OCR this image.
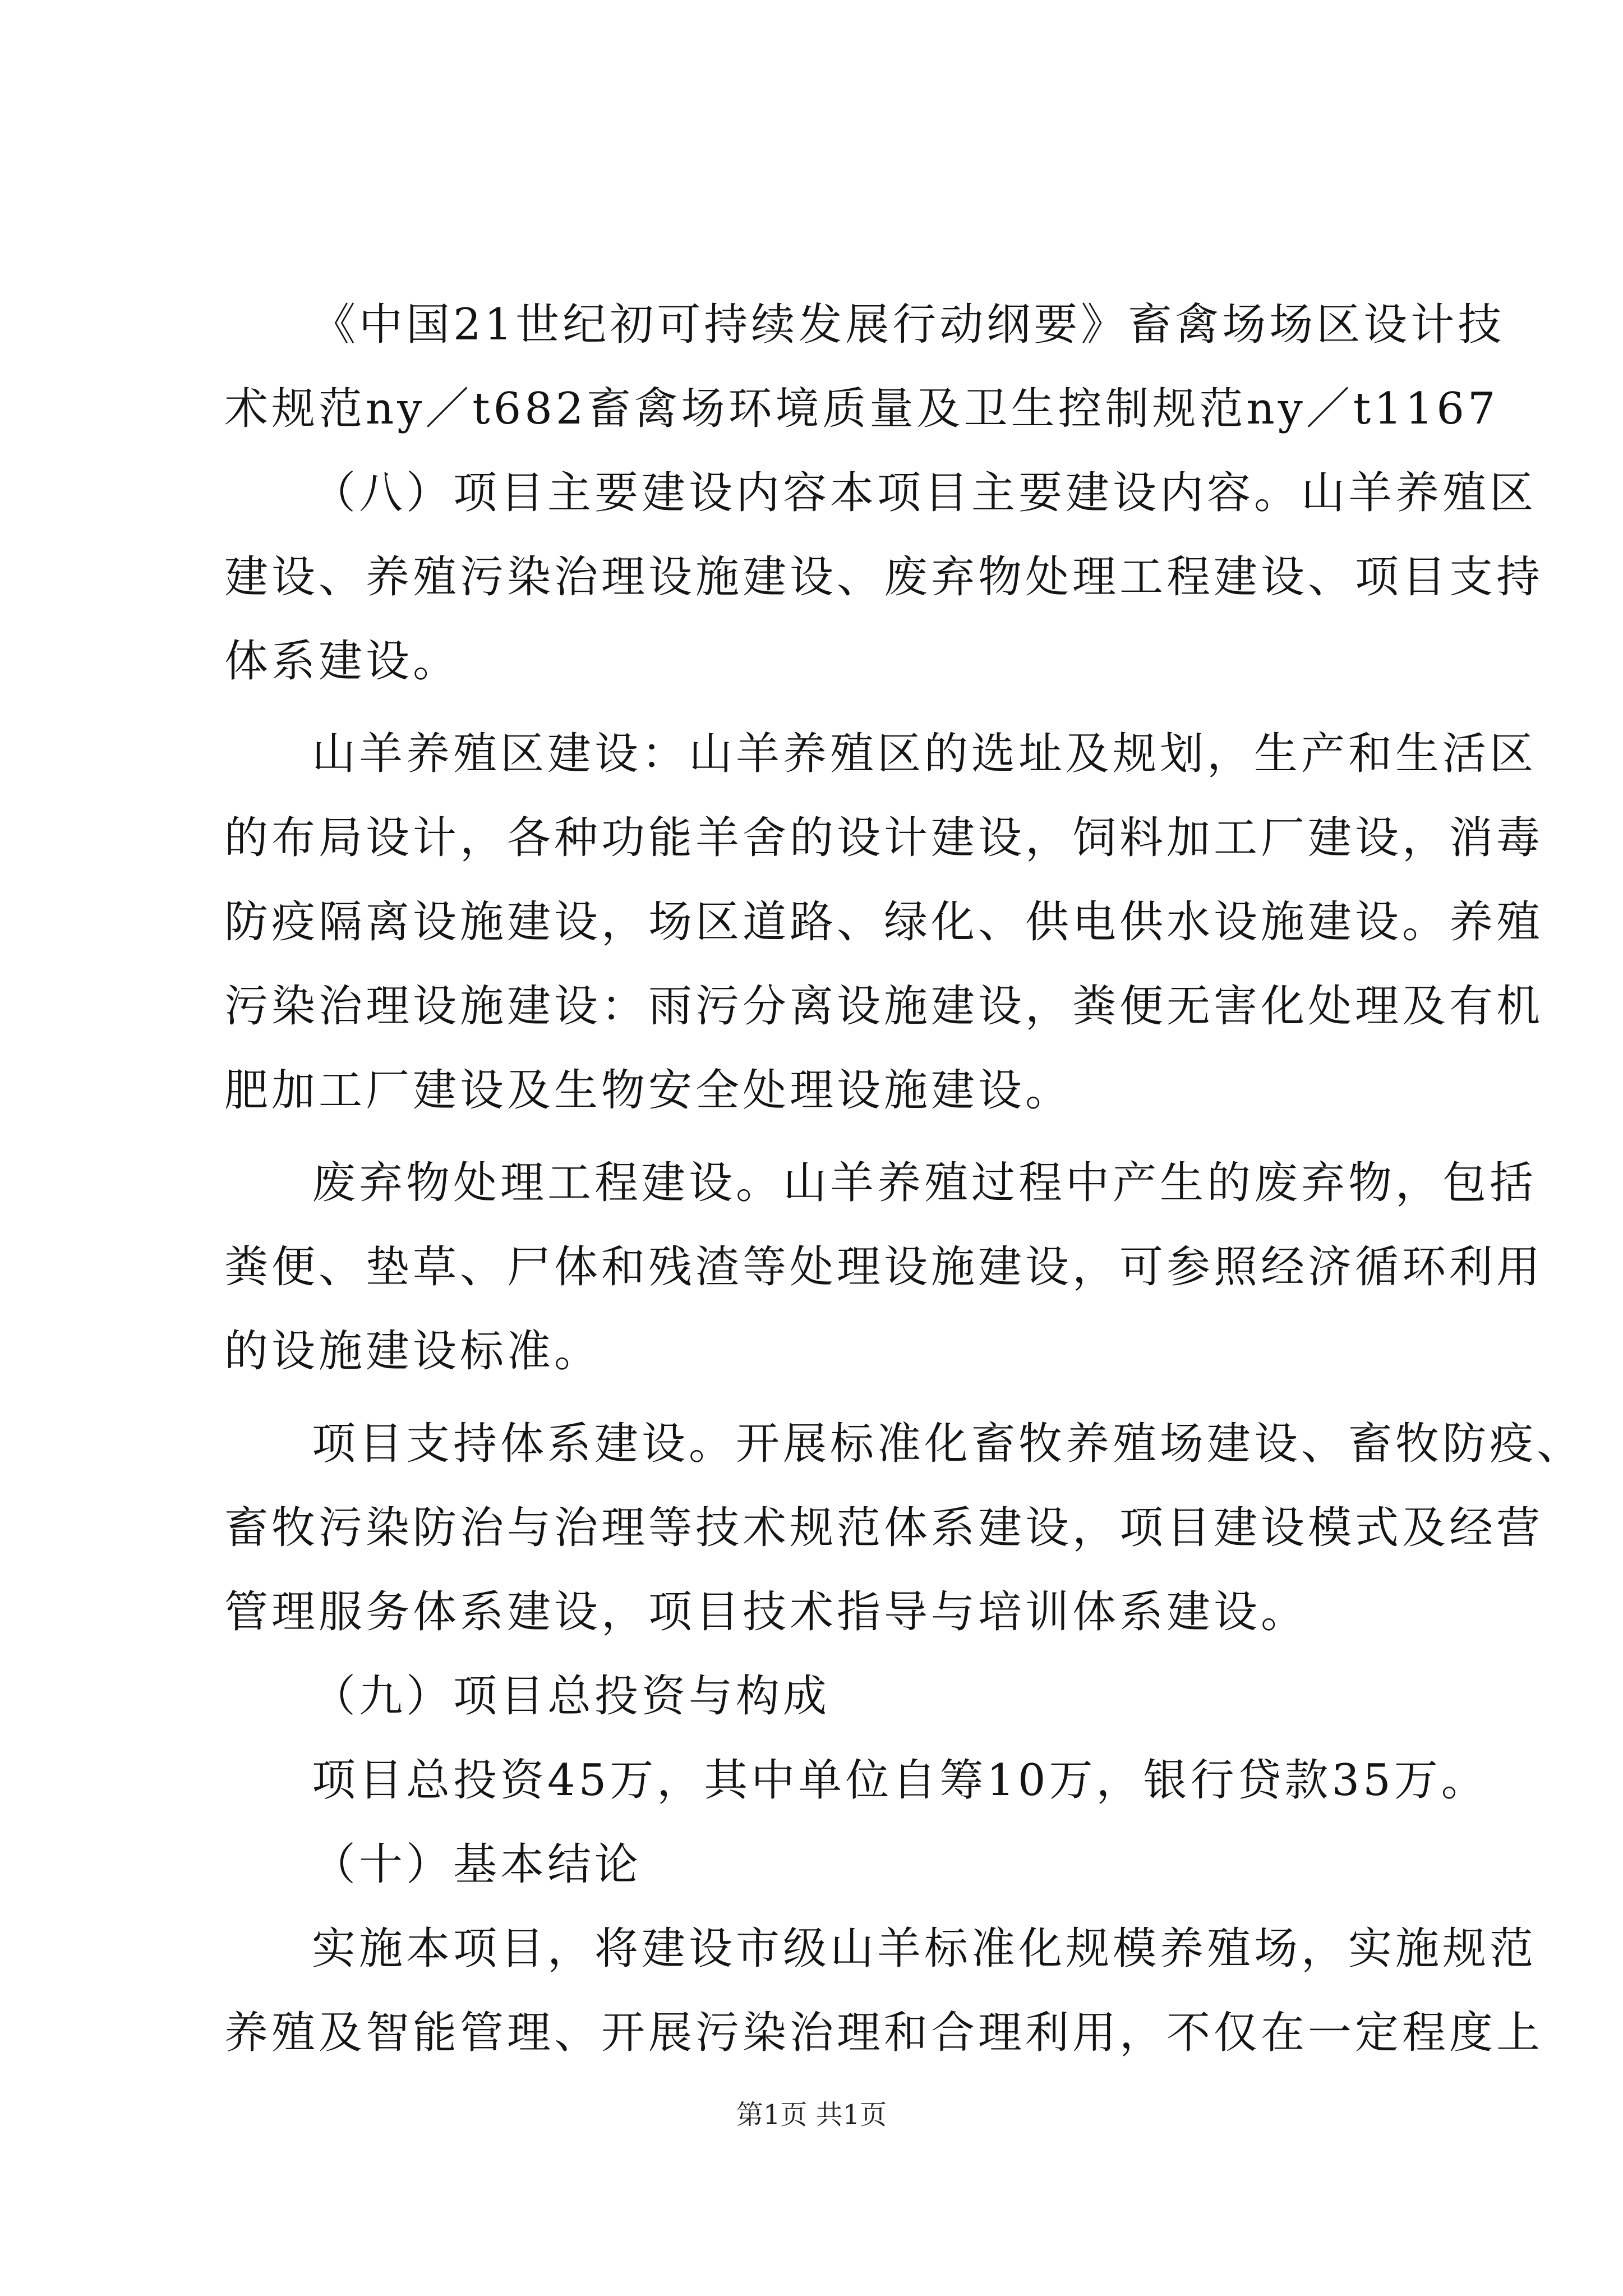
《中国21世纪初可持续发展行动纲要》畜禽场场区设计技
术规范ny／t682畜禽场环境质量及卫生控制规范ny／t1167
（八）项目主要建设内容本项目主要建设内容。山羊养殖区
建设、养殖污染治理设施建设、废弃物处理工程建设、项目支持
体系建设。
山羊养殖区建设：山羊养殖区的选址及规划，生产和生活区
的布局设计，各种功能羊舍的设计建设，饲料加工厂建设，消毒
防疫隔离设施建设，场区道路、绿化、供电供水设施建设。养殖
污染治理设施建设：雨污分离设施建设，粪便无害化处理及有机
肥加工厂建设及生物安全处理设施建设。
废弃物处理工程建设。山羊养殖过程中产生的废弃物，包括
粪便、垫草、尸体和残渣等处理设施建设，可参照经济循环利用
的设施建设标准。
项目支持体系建设。开展标准化畜牧养殖场建设、畜牧防疫、
畜牧污染防治与治理等技术规范体系建设，项目建设模式及经营
管理服务体系建设，项目技术指导与培训体系建设。
（九）项目总投资与构成
项目总投资45万，其中单位自筹10万，银行贷款35万。
（十）基本结论
实施本项目，将建设市级山羊标准化规模养殖场，实施规范
养殖及智能管理、开展污染治理和合理利用，不仅在一定程度上
第1页 共1页
